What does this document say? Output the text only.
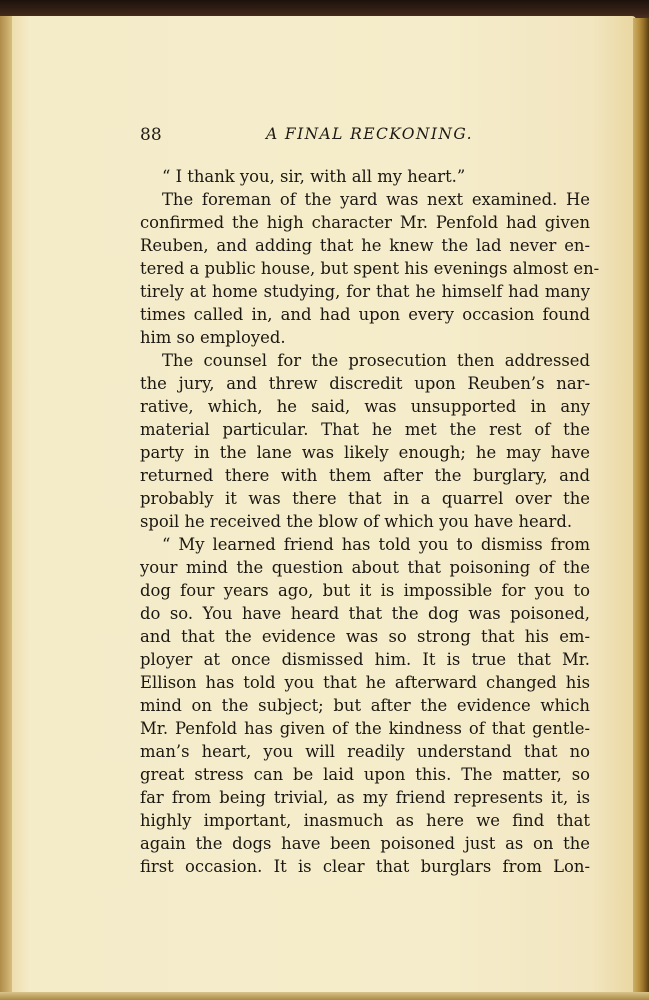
88	A FINAL RECKONING.
“ I thank you, sir, with all my heart.”
The foreman of the yard was next examined. He
confirmed the high character Mr. Penfold had given
Reuben, and adding that he knew the lad never en-
tered a public house, but spent his evenings almost en-
tirely at home studying, for that he himself had many
times called in, and had upon every occasion found
him so employed.
The counsel for the prosecution then addressed
the jury, and threw discredit upon Reuben’s nar-
rative, which, he said, was unsupported in any
material particular. That he met the rest of the
party in the lane was likely enough; he may have
returned there with them after the burglary, and
probably it was there that in a quarrel over the
spoil he received the blow of which you have heard.
“ My learned friend has told you to dismiss from
your mind the question about that poisoning of the
dog four years ago, but it is impossible for you to
do so. You have heard that the dog was poisoned,
and that the evidence was so strong that his em-
ployer at once dismissed him. It is true that Mr.
Ellison has told you that he afterward changed his
mind on the subject; but after the evidence which
Mr. Penfold has given of the kindness of that gentle-
man’s heart, you will readily understand that no
great stress can be laid upon this. The matter, so
far from being trivial, as my friend represents it, is
highly important, inasmuch as here we find that
again the dogs have been poisoned just as on the
first occasion. It is clear that burglars from Lon-
